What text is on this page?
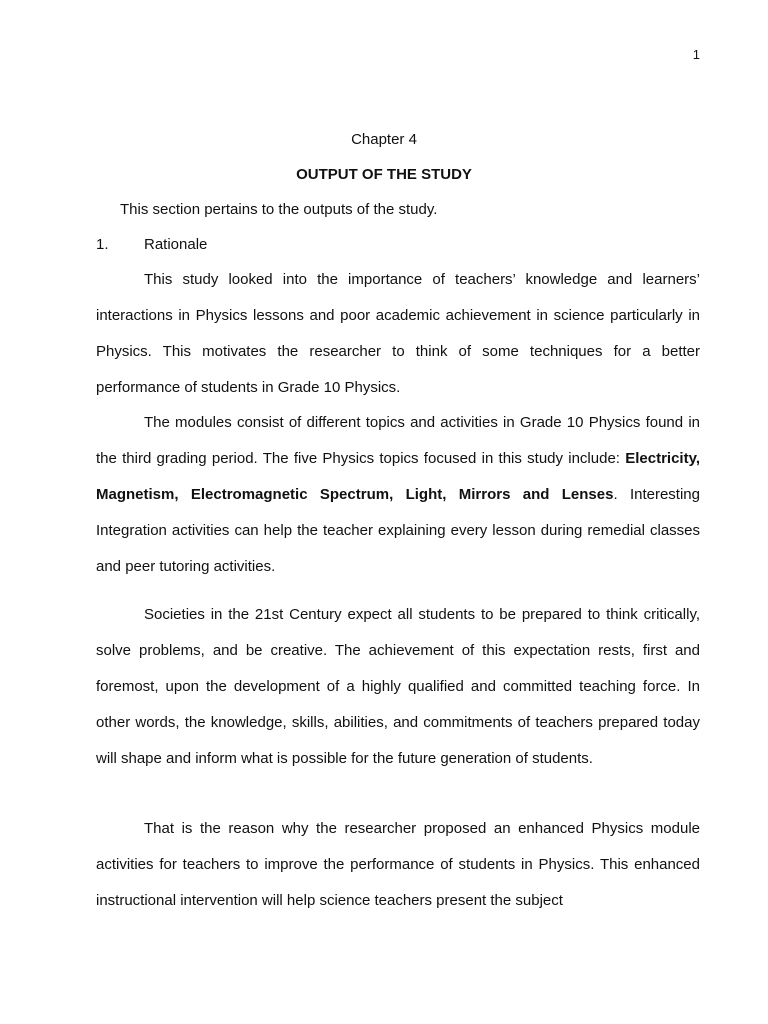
1
Chapter 4
OUTPUT OF THE STUDY
This section pertains to the outputs of the study.
1. Rationale
This study looked into the importance of teachers’ knowledge and learners’ interactions in Physics lessons and poor academic achievement in science particularly in Physics. This motivates the researcher to think of some techniques for a better performance of students in Grade 10 Physics.
The modules consist of different topics and activities in Grade 10 Physics found in the third grading period. The five Physics topics focused in this study include: Electricity, Magnetism, Electromagnetic Spectrum, Light, Mirrors and Lenses. Interesting Integration activities can help the teacher explaining every lesson during remedial classes and peer tutoring activities.
Societies in the 21st Century expect all students to be prepared to think critically, solve problems, and be creative. The achievement of this expectation rests, first and foremost, upon the development of a highly qualified and committed teaching force. In other words, the knowledge, skills, abilities, and commitments of teachers prepared today will shape and inform what is possible for the future generation of students.
That is the reason why the researcher proposed an enhanced Physics module activities for teachers to improve the performance of students in Physics. This enhanced instructional intervention will help science teachers present the subject
